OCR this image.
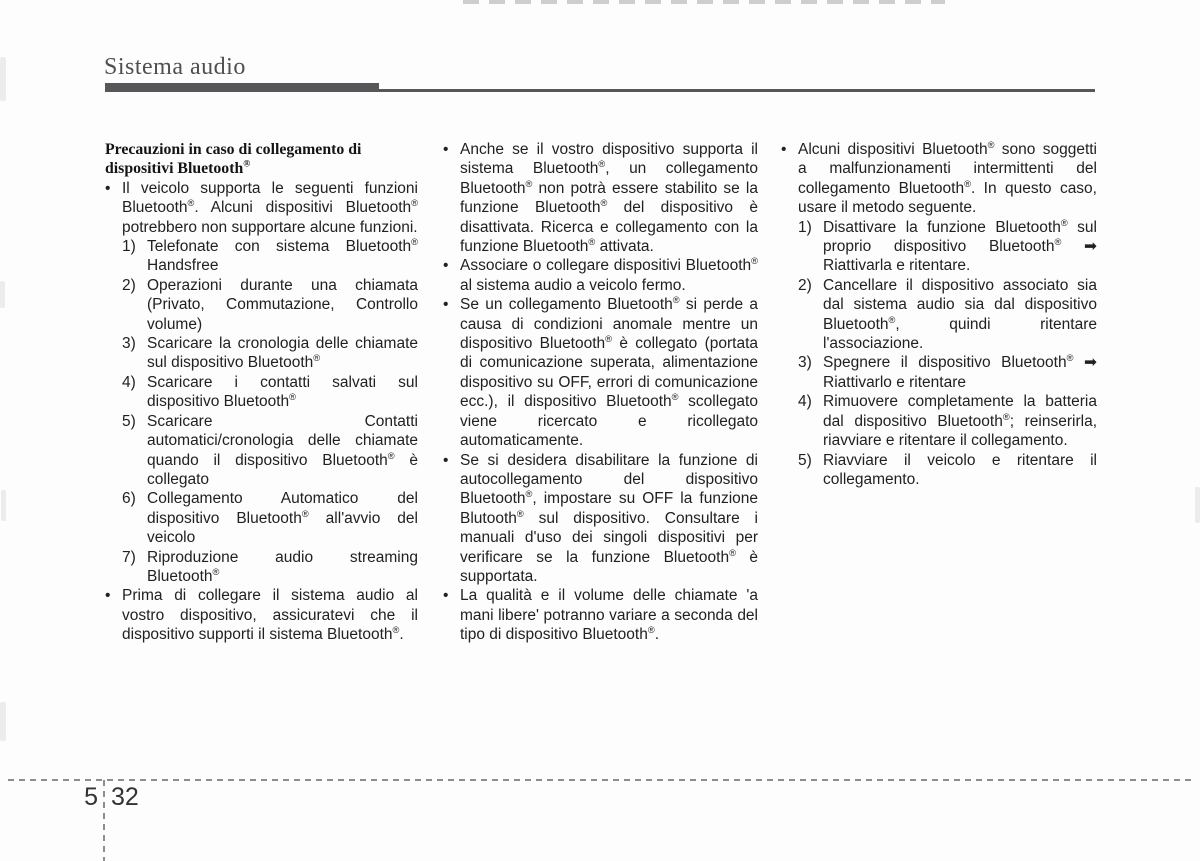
Sistema audio
Precauzioni in caso di collegamento di dispositivi Bluetooth®
• Il veicolo supporta le seguenti funzioni Bluetooth®. Alcuni dispositivi Bluetooth® potrebbero non supportare alcune funzioni.
1) Telefonate con sistema Bluetooth® Handsfree
2) Operazioni durante una chiamata (Privato, Commutazione, Controllo volume)
3) Scaricare la cronologia delle chiamate sul dispositivo Bluetooth®
4) Scaricare i contatti salvati sul dispositivo Bluetooth®
5) Scaricare Contatti automatici/⁠cronologia delle chiamate quando il dispositivo Bluetooth® è collegato
6) Collegamento Automatico del dispositivo Bluetooth® all'avvio del veicolo
7) Riproduzione audio streaming Bluetooth®
• Prima di collegare il sistema audio al vostro dispositivo, assicuratevi che il dispositivo supporti il sistema Bluetooth®.
• Anche se il vostro dispositivo supporta il sistema Bluetooth®, un collegamento Bluetooth® non potrà essere stabilito se la funzione Bluetooth® del dispositivo è disattivata. Ricerca e collegamento con la funzione Bluetooth® attivata.
• Associare o collegare dispositivi Bluetooth® al sistema audio a veicolo fermo.
• Se un collegamento Bluetooth® si perde a causa di condizioni anomale mentre un dispositivo Bluetooth® è collegato (portata di comunicazione superata, alimentazione dispositivo su OFF, errori di comunicazione ecc.), il dispositivo Bluetooth® scollegato viene ricercato e ricollegato automaticamente.
• Se si desidera disabilitare la funzione di autocollegamento del dispositivo Bluetooth®, impostare su OFF la funzione Blutooth® sul dispositivo. Consultare i manuali d'uso dei singoli dispositivi per verificare se la funzione Bluetooth® è supportata.
• La qualità e il volume delle chiamate 'a mani libere' potranno variare a seconda del tipo di dispositivo Bluetooth®.
• Alcuni dispositivi Bluetooth® sono soggetti a malfunzionamenti intermittenti del collegamento Bluetooth®. In questo caso, usare il metodo seguente.
1) Disattivare la funzione Bluetooth® sul proprio dispositivo Bluetooth® ➡ Riattivarla e ritentare.
2) Cancellare il dispositivo associato sia dal sistema audio sia dal dispositivo Bluetooth®, quindi ritentare l'associazione.
3) Spegnere il dispositivo Bluetooth® ➡ Riattivarlo e ritentare
4) Rimuovere completamente la batteria dal dispositivo Bluetooth®; reinserirla, riavviare e ritentare il collegamento.
5) Riavviare il veicolo e ritentare il collegamento.
5 32
